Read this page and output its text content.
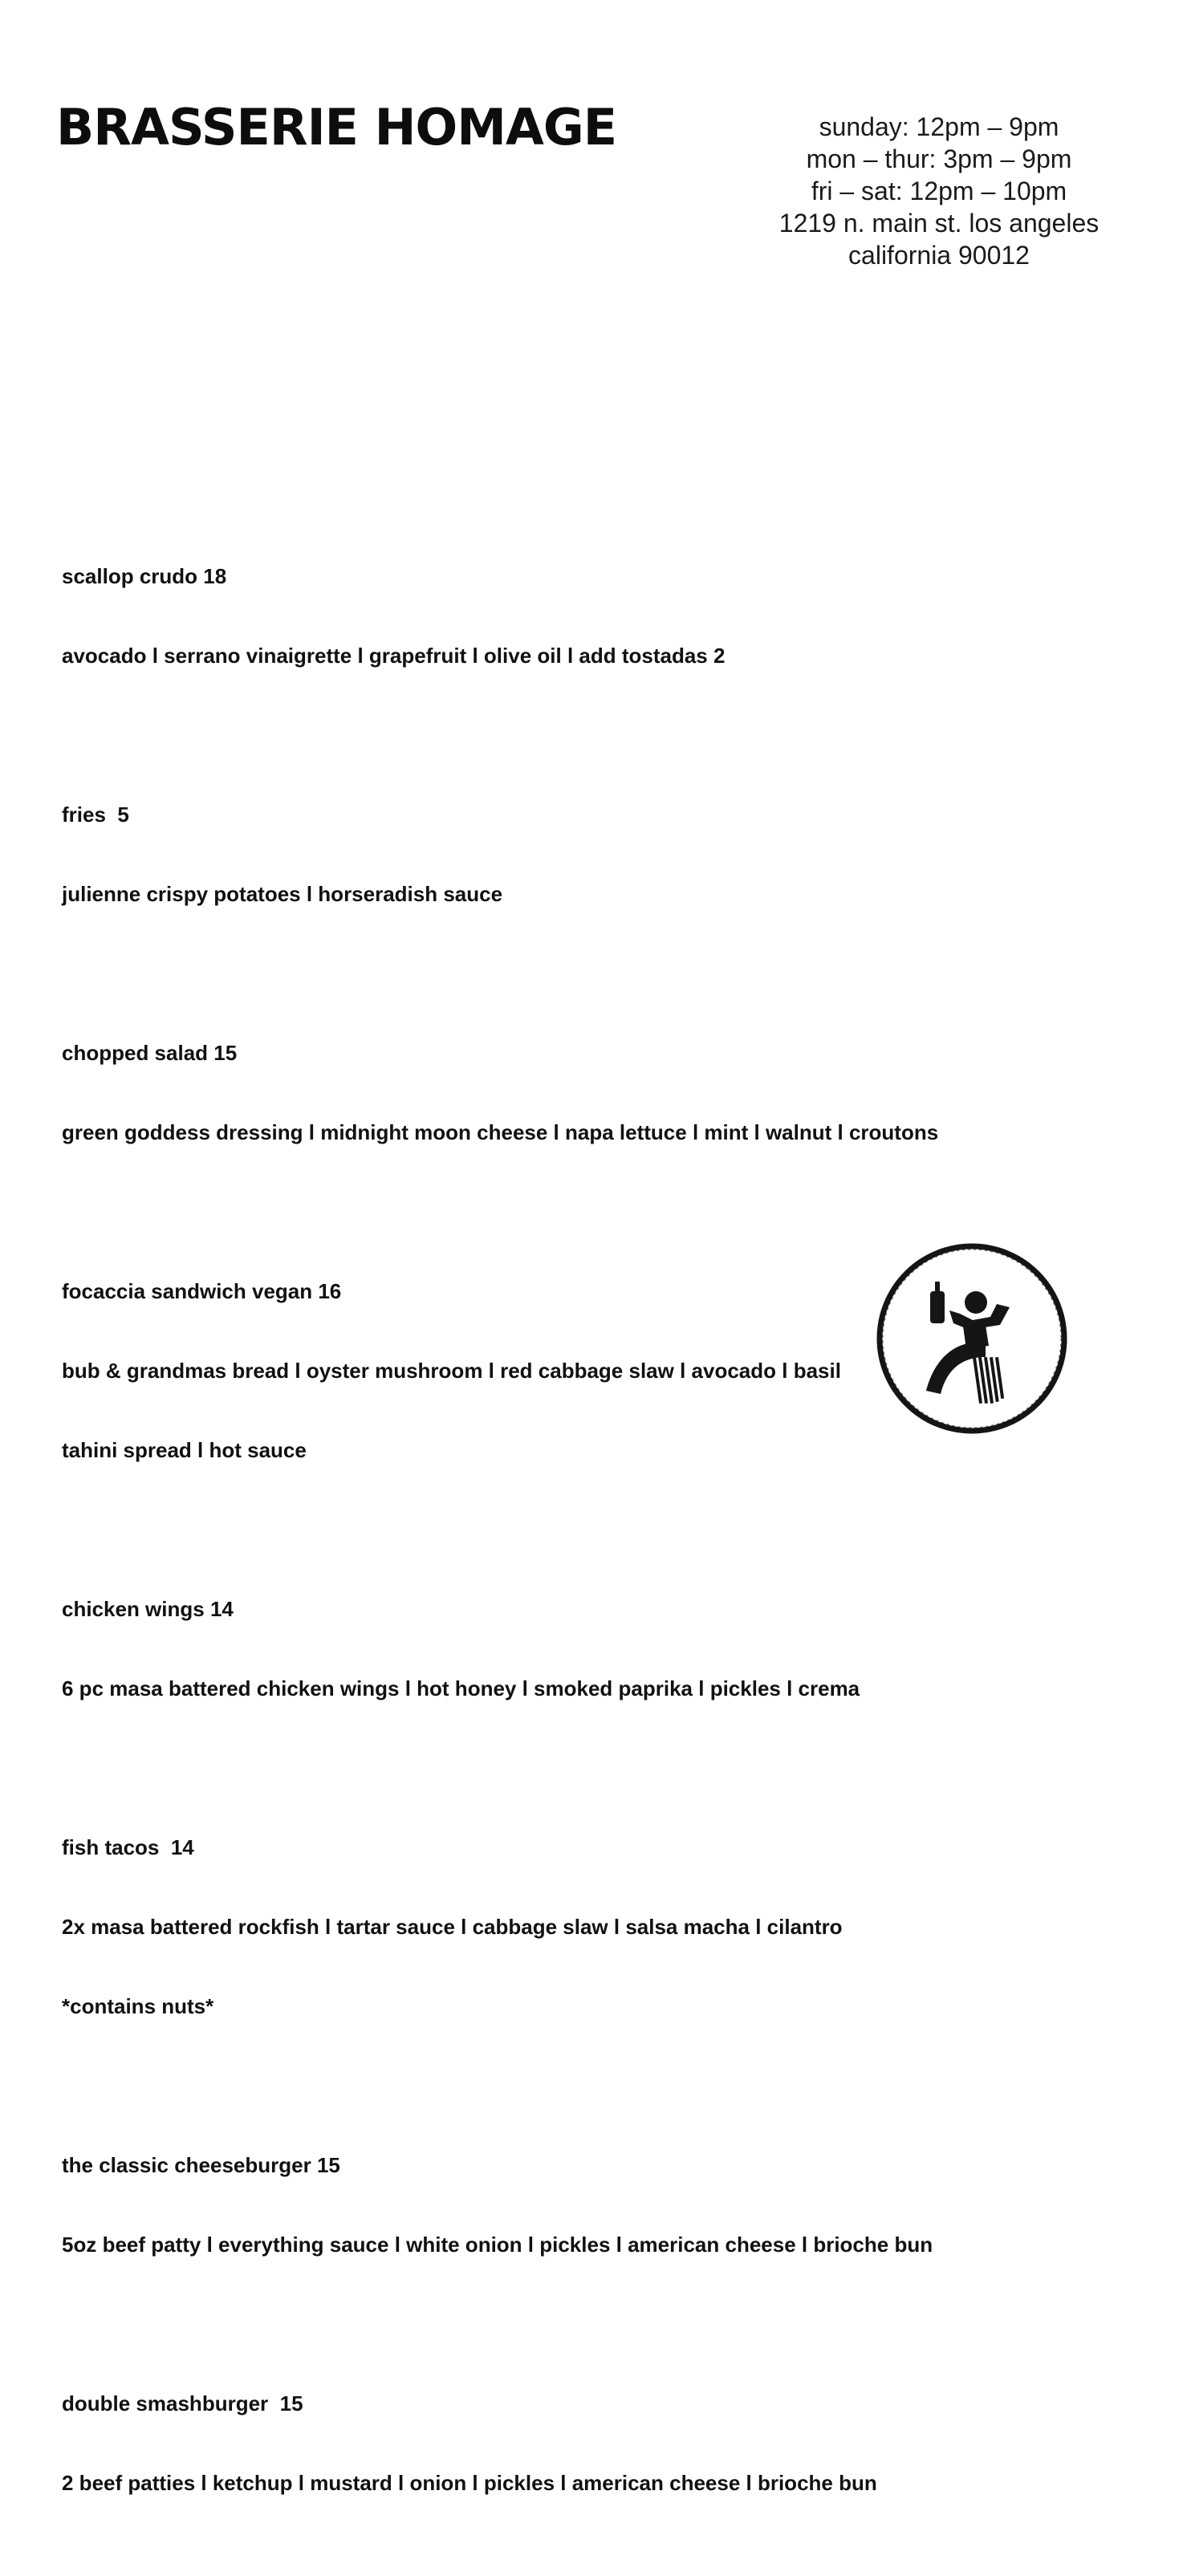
BRASSERIE HOMAGE	sunday: 12pm – 9pm
mon – thur: 3pm – 9pm
fri – sat: 12pm – 10pm
1219 n. main st. los angeles
california 90012

scallop crudo 18

avocado l serrano vinaigrette l grapefruit l olive oil l add tostadas 2

fries  5

julienne crispy potatoes l horseradish sauce

chopped salad 15

green goddess dressing l midnight moon cheese l napa lettuce l mint l walnut l croutons

focaccia sandwich vegan 16

bub & grandmas bread l oyster mushroom l red cabbage slaw l avocado l basil

tahini spread l hot sauce

chicken wings 14

6 pc masa battered chicken wings l hot honey l smoked paprika l pickles l crema

fish tacos  14

2x masa battered rockfish l tartar sauce l cabbage slaw l salsa macha l cilantro

*contains nuts*

the classic cheeseburger 15

5oz beef patty l everything sauce l white onion l pickles l american cheese l brioche bun

double smashburger  15

2 beef patties l ketchup l mustard l onion l pickles l american cheese l brioche bun
